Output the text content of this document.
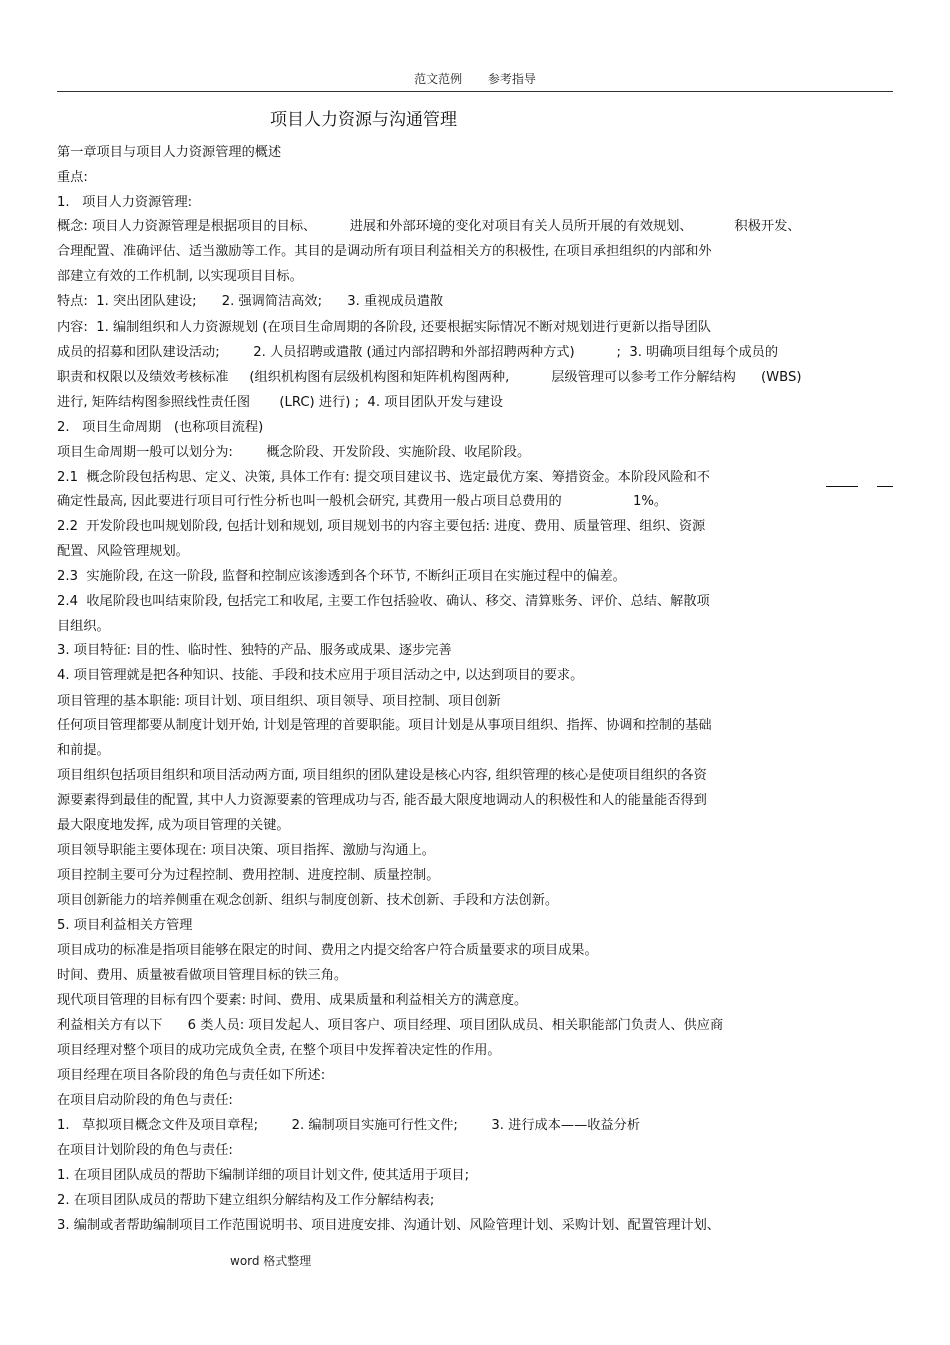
范文范例 参考指导
项目人力资源与沟通管理
第一章项目与项目人力资源管理的概述
重点:
1.   项目人力资源管理:
概念: 项目人力资源管理是根据项目的目标、        进展和外部环境的变化对项目有关人员所开展的有效规划、          积极开发、
合理配置、准确评估、适当激励等工作。其目的是调动所有项目利益相关方的积极性, 在项目承担组织的内部和外
部建立有效的工作机制, 以实现项目目标。
特点:  1. 突出团队建设;      2. 强调简洁高效;      3. 重视成员遣散
内容:  1. 编制组织和人力资源规划 (在项目生命周期的各阶段, 还要根据实际情况不断对规划进行更新以指导团队
成员的招募和团队建设活动;        2. 人员招聘或遣散 (通过内部招聘和外部招聘两种方式)          ;  3. 明确项目组每个成员的
职责和权限以及绩效考核标准     (组织机构图有层级机构图和矩阵机构图两种,          层级管理可以参考工作分解结构      (WBS)
进行, 矩阵结构图参照线性责任图       (LRC) 进行) ;  4. 项目团队开发与建设
2.   项目生命周期   (也称项目流程)
项目生命周期一般可以划分为:        概念阶段、开发阶段、实施阶段、收尾阶段。
2.1  概念阶段包括构思、定义、决策, 具体工作有: 提交项目建议书、选定最优方案、筹措资金。本阶段风险和不
确定性最高, 因此要进行项目可行性分析也叫一般机会研究, 其费用一般占项目总费用的                 1%。
2.2  开发阶段也叫规划阶段, 包括计划和规划, 项目规划书的内容主要包括: 进度、费用、质量管理、组织、资源
配置、风险管理规划。
2.3  实施阶段, 在这一阶段, 监督和控制应该渗透到各个环节, 不断纠正项目在实施过程中的偏差。
2.4  收尾阶段也叫结束阶段, 包括完工和收尾, 主要工作包括验收、确认、移交、清算账务、评价、总结、解散项
目组织。
3. 项目特征: 目的性、临时性、独特的产品、服务或成果、逐步完善
4. 项目管理就是把各种知识、技能、手段和技术应用于项目活动之中, 以达到项目的要求。
项目管理的基本职能: 项目计划、项目组织、项目领导、项目控制、项目创新
任何项目管理都要从制度计划开始, 计划是管理的首要职能。项目计划是从事项目组织、指挥、协调和控制的基础
和前提。
项目组织包括项目组织和项目活动两方面, 项目组织的团队建设是核心内容, 组织管理的核心是使项目组织的各资
源要素得到最佳的配置, 其中人力资源要素的管理成功与否, 能否最大限度地调动人的积极性和人的能量能否得到
最大限度地发挥, 成为项目管理的关键。
项目领导职能主要体现在: 项目决策、项目指挥、激励与沟通上。
项目控制主要可分为过程控制、费用控制、进度控制、质量控制。
项目创新能力的培养侧重在观念创新、组织与制度创新、技术创新、手段和方法创新。
5. 项目利益相关方管理
项目成功的标准是指项目能够在限定的时间、费用之内提交给客户符合质量要求的项目成果。
时间、费用、质量被看做项目管理目标的铁三角。
现代项目管理的目标有四个要素: 时间、费用、成果质量和利益相关方的满意度。
利益相关方有以下      6 类人员: 项目发起人、项目客户、项目经理、项目团队成员、相关职能部门负责人、供应商
项目经理对整个项目的成功完成负全责, 在整个项目中发挥着决定性的作用。
项目经理在项目各阶段的角色与责任如下所述:
在项目启动阶段的角色与责任:
1.   草拟项目概念文件及项目章程;        2. 编制项目实施可行性文件;        3. 进行成本——收益分析
在项目计划阶段的角色与责任:
1. 在项目团队成员的帮助下编制详细的项目计划文件, 使其适用于项目;
2. 在项目团队成员的帮助下建立组织分解结构及工作分解结构表;
3. 编制或者帮助编制项目工作范围说明书、项目进度安排、沟通计划、风险管理计划、采购计划、配置管理计划、
word 格式整理
